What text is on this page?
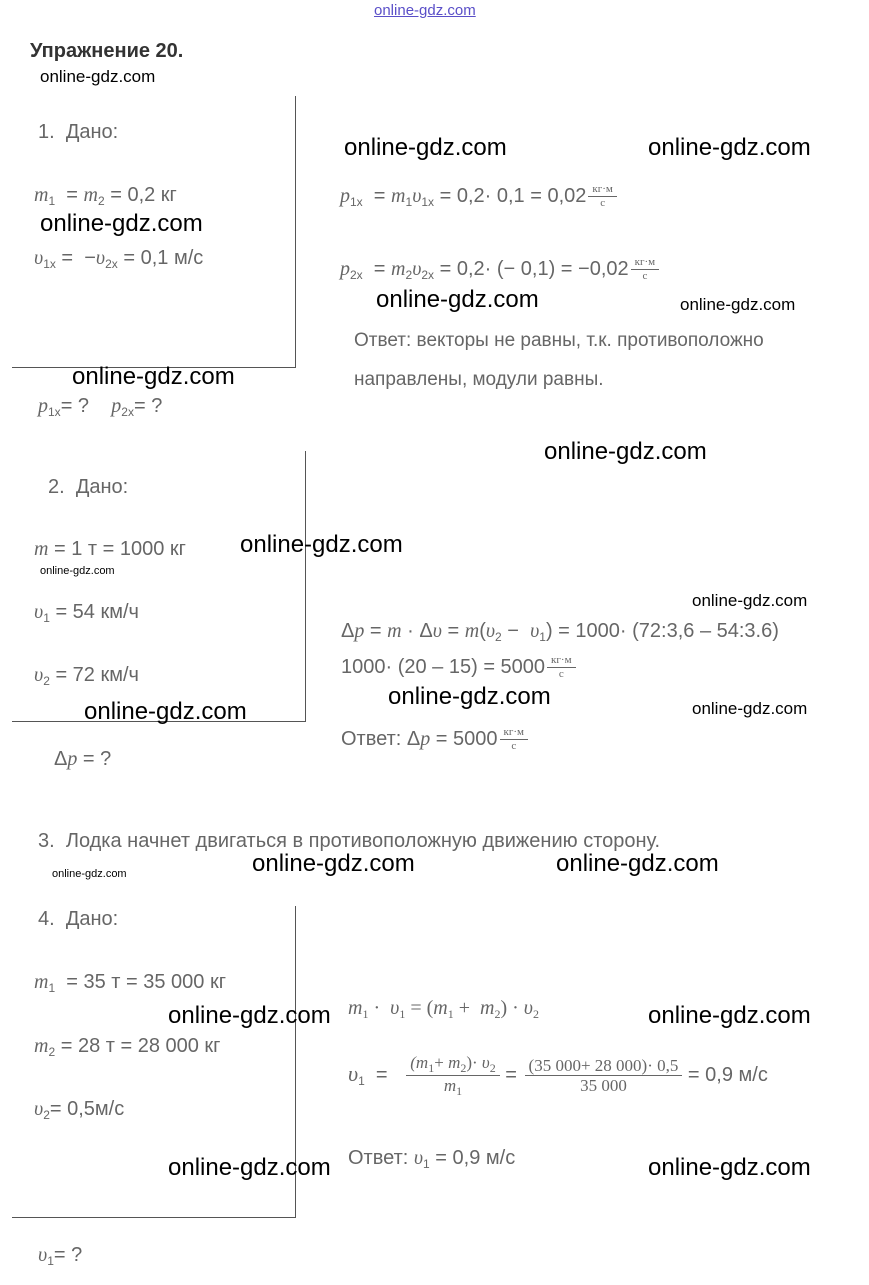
online-gdz.com
Упражнение 20.
online-gdz.com
1. Дано:
$m_1 = m_2 = 0,2$ кг
$\upsilon_{1x} = -\upsilon_{2x} = 0,1$ м/с
$p_{1x}=$ ? $p_{2x}=$ ?
$p_{1x} = m_1\upsilon_{1x} = 0,2\cdot 0,1 = 0,02 \frac{кг\cdot м}{с}$
$p_{2x} = m_2\upsilon_{2x} = 0,2\cdot$ (− $0,1) = -0,02 \frac{кг\cdot м}{с}$
Ответ: векторы не равны, т.к. противоположно
направлены, модули равны.
2. Дано:
m = 1 т = 1000 кг
$\upsilon_1 = 54$ км/ч
$\upsilon_2 = 72$ км/ч
Δp = ?
$\Delta p = m \cdot \Delta\upsilon = m(\upsilon_2 - \upsilon_1) = 1000\cdot$ (72:3,6 – 54:3.6)
$1000\cdot (20 - 15) = 5000 \frac{кг\cdot м}{с}$
Ответ: $\Delta p = 5000 \frac{кг\cdot м}{с}$
3. Лодка начнет двигаться в противоположную движению сторону.
4. Дано:
$m_1 = 35$ т = 35 000 кг
$m_2 = 28$ т = 28 000 кг
$\upsilon_2= 0,5м/с$
$\upsilon_1=$ ?
$m_1 \cdot \upsilon_1 = (m_1 + m_2) \cdot \upsilon_2$
$\upsilon_1 = \frac{(m_1+ m_2)\cdot \upsilon_2}{m_1} = \frac{(35 000+ 28 000)\cdot 0,5}{35 000} = 0,9$ м/с
Ответ: $\upsilon_1 = 0,9$ м/с
online-gdz.com	online-gdz.com
online-gdz.com
online-gdz.com	online-gdz.com
online-gdz.com
online-gdz.com
online-gdz.com
online-gdz.com
online-gdz.com
online-gdz.com	online-gdz.com
online-gdz.com
online-gdz.com	online-gdz.com
online-gdz.com
online-gdz.com	online-gdz.com
online-gdz.com	online-gdz.com
